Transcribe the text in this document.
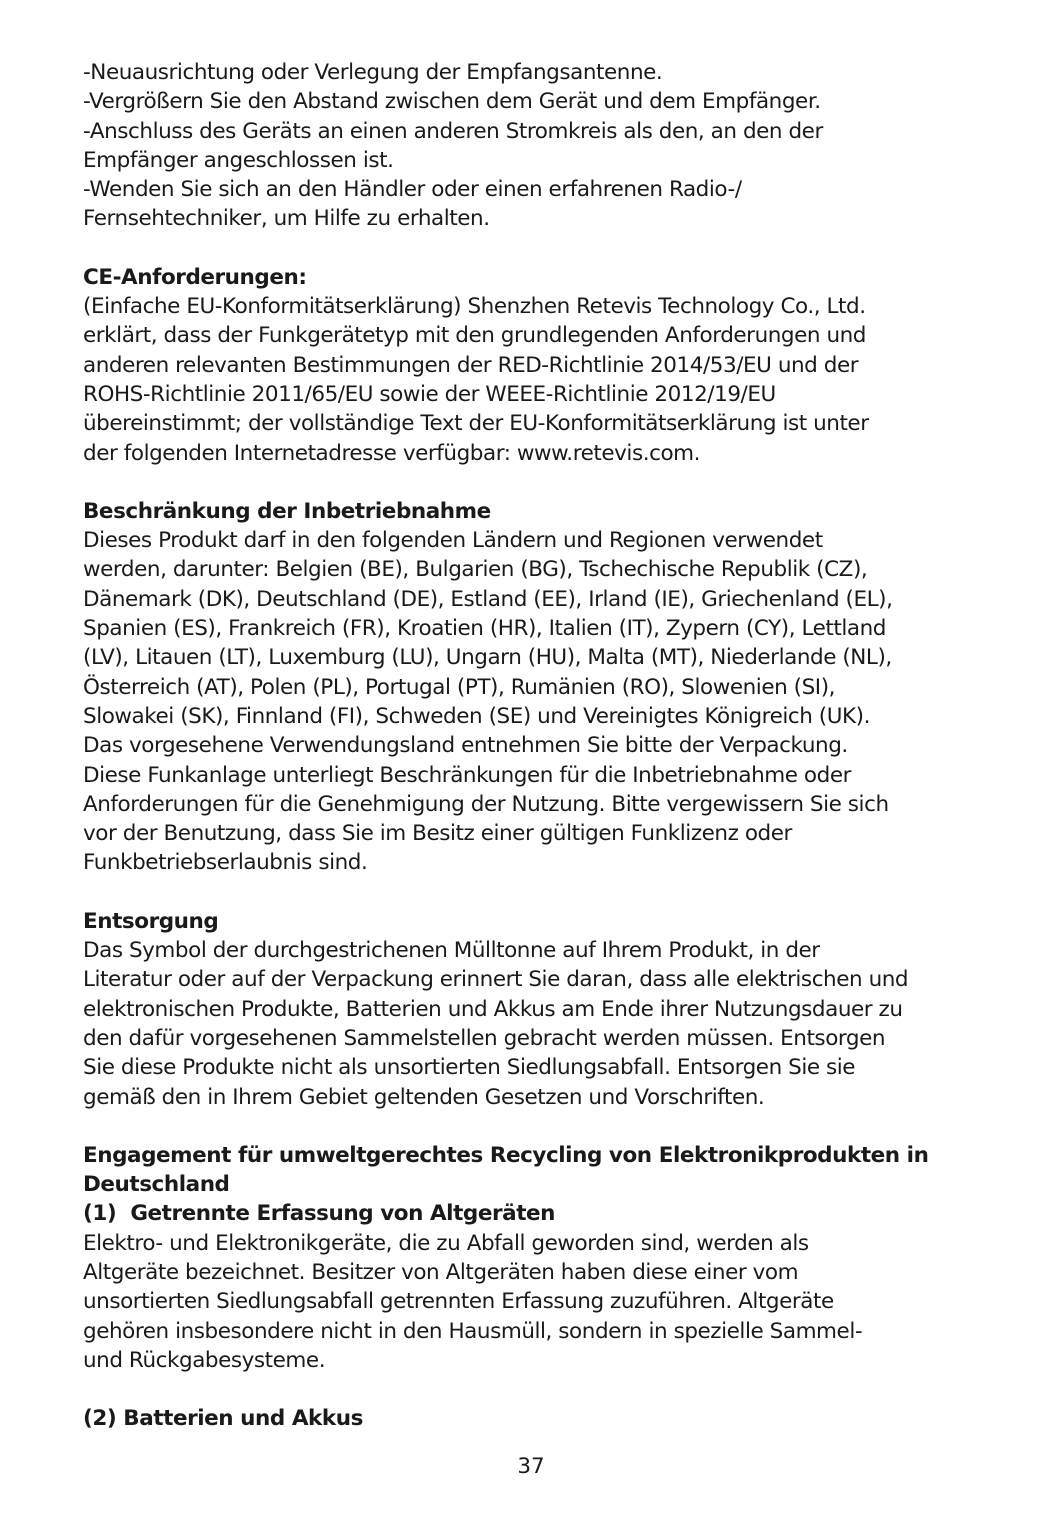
-Neuausrichtung oder Verlegung der Empfangsantenne.
-Vergrößern Sie den Abstand zwischen dem Gerät und dem Empfänger.
-Anschluss des Geräts an einen anderen Stromkreis als den, an den der
Empfänger angeschlossen ist.
-Wenden Sie sich an den Händler oder einen erfahrenen Radio-/
Fernsehtechniker, um Hilfe zu erhalten.
CE-Anforderungen:
(Einfache EU-Konformitätserklärung) Shenzhen Retevis Technology Co., Ltd.
erklärt, dass der Funkgerätetyp mit den grundlegenden Anforderungen und
anderen relevanten Bestimmungen der RED-Richtlinie 2014/53/EU und der
ROHS-Richtlinie 2011/65/EU sowie der WEEE-Richtlinie 2012/19/EU
übereinstimmt; der vollständige Text der EU-Konformitätserklärung ist unter
der folgenden Internetadresse verfügbar: www.retevis.com.
Beschränkung der Inbetriebnahme
Dieses Produkt darf in den folgenden Ländern und Regionen verwendet
werden, darunter: Belgien (BE), Bulgarien (BG), Tschechische Republik (CZ),
Dänemark (DK), Deutschland (DE), Estland (EE), Irland (IE), Griechenland (EL),
Spanien (ES), Frankreich (FR), Kroatien (HR), Italien (IT), Zypern (CY), Lettland
(LV), Litauen (LT), Luxemburg (LU), Ungarn (HU), Malta (MT), Niederlande (NL),
Österreich (AT), Polen (PL), Portugal (PT), Rumänien (RO), Slowenien (SI),
Slowakei (SK), Finnland (FI), Schweden (SE) und Vereinigtes Königreich (UK).
Das vorgesehene Verwendungsland entnehmen Sie bitte der Verpackung.
Diese Funkanlage unterliegt Beschränkungen für die Inbetriebnahme oder
Anforderungen für die Genehmigung der Nutzung. Bitte vergewissern Sie sich
vor der Benutzung, dass Sie im Besitz einer gültigen Funklizenz oder
Funkbetriebserlaubnis sind.
Entsorgung
Das Symbol der durchgestrichenen Mülltonne auf Ihrem Produkt, in der
Literatur oder auf der Verpackung erinnert Sie daran, dass alle elektrischen und
elektronischen Produkte, Batterien und Akkus am Ende ihrer Nutzungsdauer zu
den dafür vorgesehenen Sammelstellen gebracht werden müssen. Entsorgen
Sie diese Produkte nicht als unsortierten Siedlungsabfall. Entsorgen Sie sie
gemäß den in Ihrem Gebiet geltenden Gesetzen und Vorschriften.
Engagement für umweltgerechtes Recycling von Elektronikprodukten in
Deutschland
(1)  Getrennte Erfassung von Altgeräten
Elektro- und Elektronikgeräte, die zu Abfall geworden sind, werden als
Altgeräte bezeichnet. Besitzer von Altgeräten haben diese einer vom
unsortierten Siedlungsabfall getrennten Erfassung zuzuführen. Altgeräte
gehören insbesondere nicht in den Hausmüll, sondern in spezielle Sammel-
und Rückgabesysteme.
(2) Batterien und Akkus
37
